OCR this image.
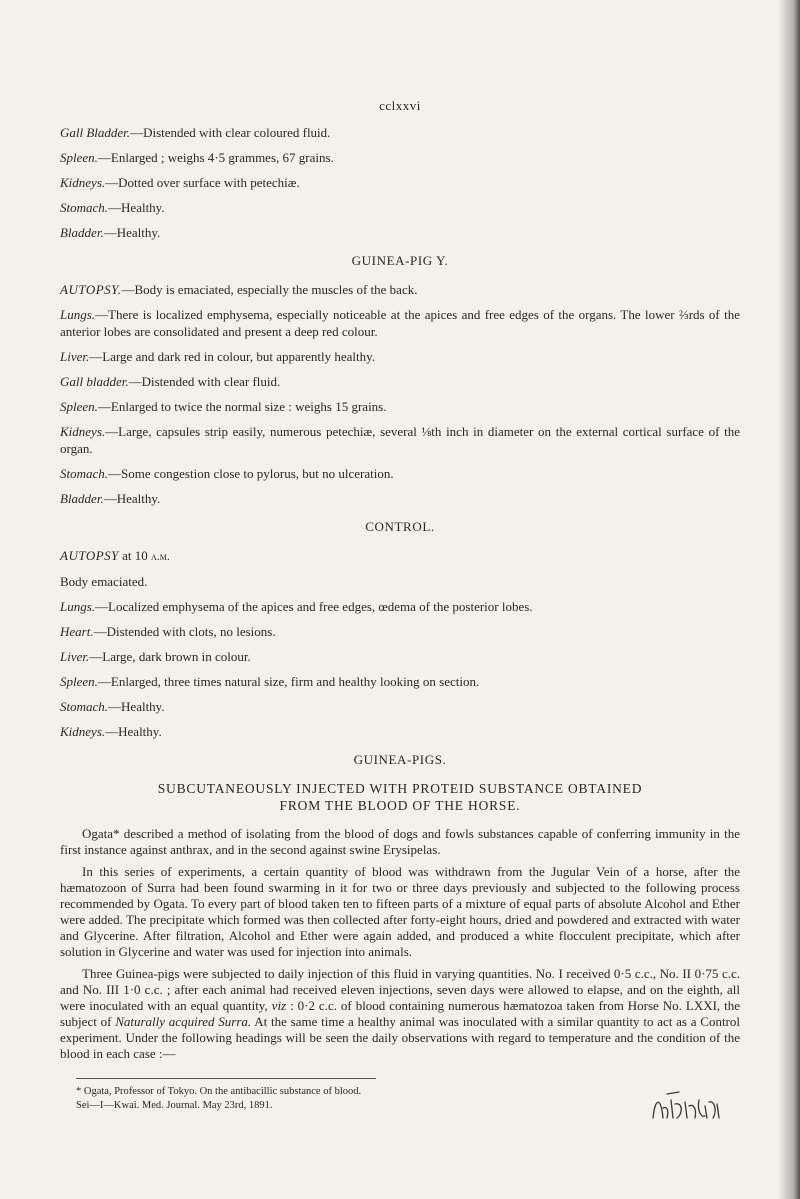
cclxxvi

Gall Bladder.—Distended with clear coloured fluid.

Spleen.—Enlarged ; weighs 4·5 grammes, 67 grains.

Kidneys.—Dotted over surface with petechiæ.

Stomach.—Healthy.

Bladder.—Healthy.

GUINEA-PIG Y.

AUTOPSY.—Body is emaciated, especially the muscles of the back.

Lungs.—There is localized emphysema, especially noticeable at the apices and free edges of the organs. The lower ⅔rds of the anterior lobes are consolidated and present a deep red colour.

Liver.—Large and dark red in colour, but apparently healthy.

Gall bladder.—Distended with clear fluid.

Spleen.—Enlarged to twice the normal size : weighs 15 grains.

Kidneys.—Large, capsules strip easily, numerous petechiæ, several ⅛th inch in diameter on the external cortical surface of the organ.

Stomach.—Some congestion close to pylorus, but no ulceration.

Bladder.—Healthy.

CONTROL.

AUTOPSY at 10 a.m.

Body emaciated.

Lungs.—Localized emphysema of the apices and free edges, œdema of the posterior lobes.

Heart.—Distended with clots, no lesions.

Liver.—Large, dark brown in colour.

Spleen.—Enlarged, three times natural size, firm and healthy looking on section.

Stomach.—Healthy.

Kidneys.—Healthy.

GUINEA-PIGS.
SUBCUTANEOUSLY INJECTED WITH PROTEID SUBSTANCE OBTAINED
FROM THE BLOOD OF THE HORSE.

Ogata* described a method of isolating from the blood of dogs and fowls substances capable of conferring immunity in the first instance against anthrax, and in the second against swine Erysipelas.

In this series of experiments, a certain quantity of blood was withdrawn from the Jugular Vein of a horse, after the hæmatozoon of Surra had been found swarming in it for two or three days previously and subjected to the following process recommended by Ogata. To every part of blood taken ten to fifteen parts of a mixture of equal parts of absolute Alcohol and Ether were added. The precipitate which formed was then collected after forty-eight hours, dried and powdered and extracted with water and Glycerine. After filtration, Alcohol and Ether were again added, and produced a white flocculent precipitate, which after solution in Glycerine and water was used for injection into animals.

Three Guinea-pigs were subjected to daily injection of this fluid in varying quantities. No. I received 0·5 c.c., No. II 0·75 c.c. and No. III 1·0 c.c. ; after each animal had received eleven injections, seven days were allowed to elapse, and on the eighth, all were inoculated with an equal quantity, viz : 0·2 c.c. of blood containing numerous hæmatozoa taken from Horse No. LXXI, the subject of Naturally acquired Surra. At the same time a healthy animal was inoculated with a similar quantity to act as a Control experiment. Under the following headings will be seen the daily observations with regard to temperature and the condition of the blood in each case :—

* Ogata, Professor of Tokyo. On the antibacillic substance of blood.
Sei—I—Kwai. Med. Journal. May 23rd, 1891.
